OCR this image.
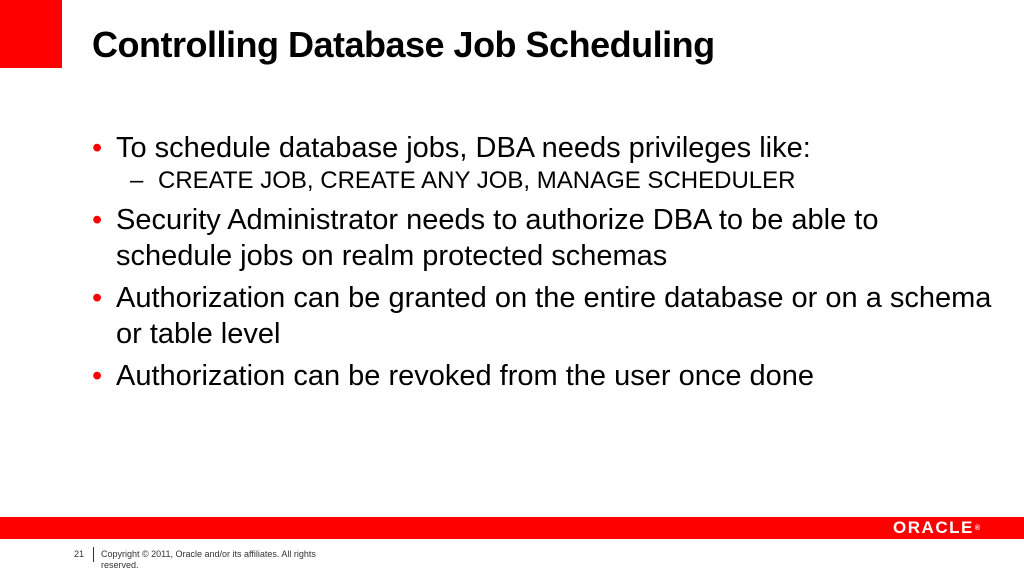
Controlling Database Job Scheduling
• To schedule database jobs, DBA needs privileges like:
– CREATE JOB, CREATE ANY JOB, MANAGE SCHEDULER
• Security Administrator needs to authorize DBA to be able to schedule jobs on realm protected schemas
• Authorization can be granted on the entire database or on a schema or table level
• Authorization can be revoked from the user once done
ORACLE®
21 Copyright © 2011, Oracle and/or its affiliates. All rights reserved.
